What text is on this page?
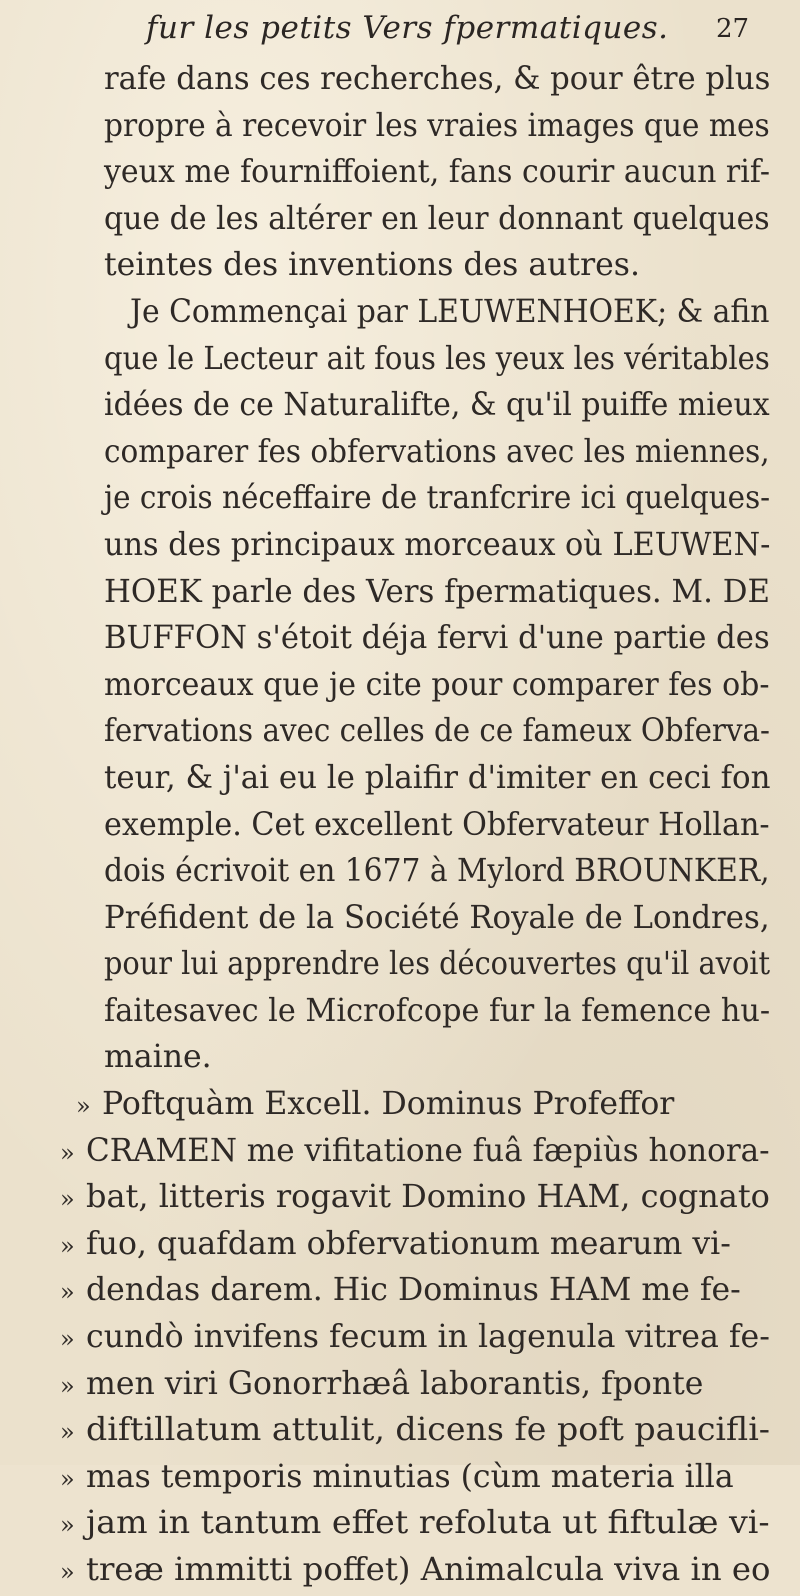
fur les petits Vers fpermatiques. 27
rafe dans ces recherches, & pour être plus
propre à recevoir les vraies images que mes
yeux me fourniffoient, fans courir aucun rif-
que de les altérer en leur donnant quelques
teintes des inventions des autres.
Je Commençai par LEUWENHOEK; & afin
que le Lecteur ait fous les yeux les véritables
idées de ce Naturalifte, & qu'il puiffe mieux
comparer fes obfervations avec les miennes,
je crois néceffaire de tranfcrire ici quelques-
uns des principaux morceaux où LEUWEN-
HOEK parle des Vers fpermatiques. M. DE
BUFFON s'étoit déja fervi d'une partie des
morceaux que je cite pour comparer fes ob-
fervations avec celles de ce fameux Obferva-
teur, & j'ai eu le plaifir d'imiter en ceci fon
exemple. Cet excellent Obfervateur Hollan-
dois écrivoit en 1677 à Mylord BROUNKER,
Préfident de la Société Royale de Londres,
pour lui apprendre les découvertes qu'il avoit
faitesavec le Microfcope fur la femence hu-
maine.
» Poftquàm Excell. Dominus Profeffor
» CRAMEN me vifitatione fuâ fæpiùs honora-
» bat, litteris rogavit Domino HAM, cognato
» fuo, quafdam obfervationum mearum vi-
» dendas darem. Hic Dominus HAM me fe-
» cundò invifens fecum in lagenula vitrea fe-
» men viri Gonorrhæâ laborantis, fponte
» diftillatum attulit, dicens fe poft paucifli-
» mas temporis minutias (cùm materia illa
» jam in tantum effet refoluta ut fiftulæ vi-
» treæ immitti poffet) Animalcula viva in eo
